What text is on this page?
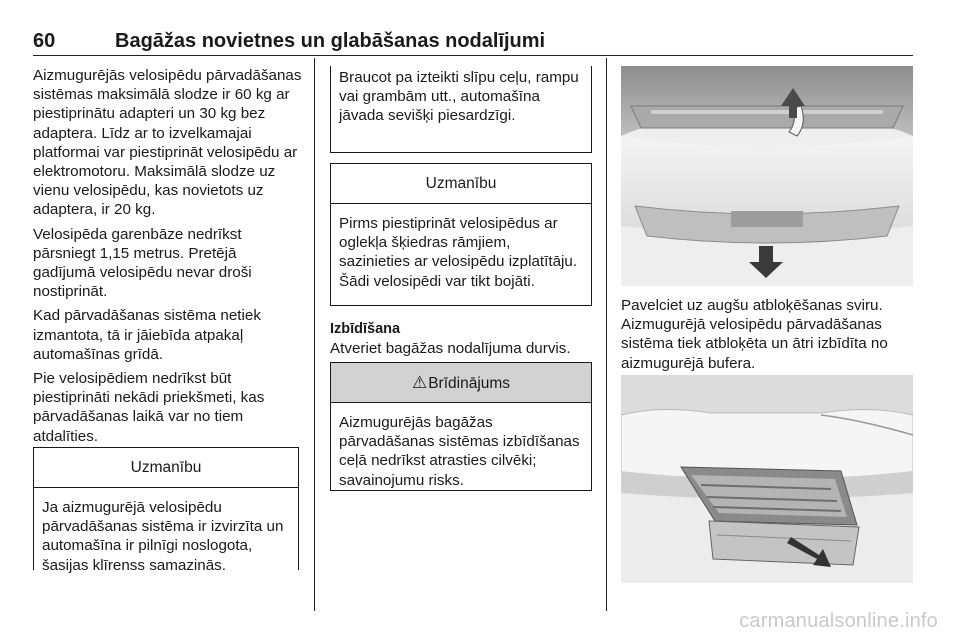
60	Bagāžas novietnes un glabāšanas nodalījumi

Aizmugurējās velosipēdu pārvadāšanas sistēmas maksimālā slodze ir 60 kg ar piestiprinātu adapteri un 30 kg bez adaptera. Līdz ar to izvelkamajai platformai var piestiprināt velosipēdu ar elektromotoru. Maksimālā slodze uz vienu velosipēdu, kas novietots uz adaptera, ir 20 kg.

Velosipēda garenbāze nedrīkst pārsniegt 1,15 metrus. Pretējā gadījumā velosipēdu nevar droši nostiprināt.

Kad pārvadāšanas sistēma netiek izmantota, tā ir jāiebīda atpakaļ automašīnas grīdā.

Pie velosipēdiem nedrīkst būt piestiprināti nekādi priekšmeti, kas pārvadāšanas laikā var no tiem atdalīties.

Uzmanību
Ja aizmugurējā velosipēdu pārvadāšanas sistēma ir izvirzīta un automašīna ir pilnīgi noslogota, šasijas klīrenss samazinās.
Braucot pa izteikti slīpu ceļu, rampu vai grambām utt., automašīna jāvada sevišķi piesardzīgi.
Uzmanību
Pirms piestiprināt velosipēdus ar oglekļa šķiedras rāmjiem, sazinieties ar velosipēdu izplatītāju. Šādi velosipēdi var tikt bojāti.

Izbīdīšana

Atveriet bagāžas nodalījuma durvis.

⚠Brīdinājums
Aizmugurējās bagāžas pārvadāšanas sistēmas izbīdīšanas ceļā nedrīkst atrasties cilvēki; savainojumu risks.

Pavelciet uz augšu atbloķēšanas sviru. Aizmugurējā velosipēdu pārvadāšanas sistēma tiek atbloķēta un ātri izbīdīta no aizmugurējā bufera.

carmanualsonline.info
